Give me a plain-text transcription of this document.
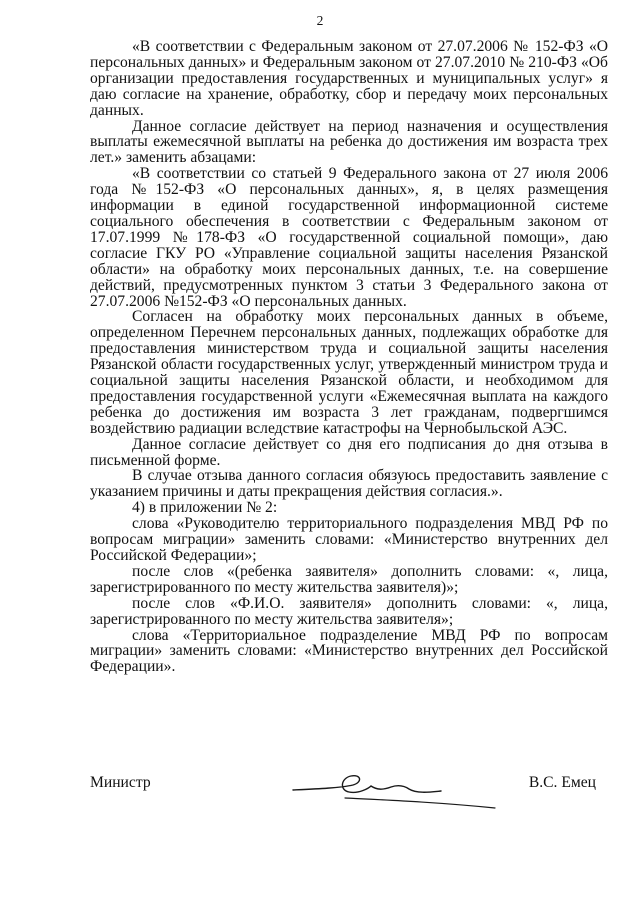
2

«В соответствии с Федеральным законом от 27.07.2006 № 152-ФЗ «О персональных данных» и Федеральным законом от 27.07.2010 № 210-ФЗ «Об организации предоставления государственных и муниципальных услуг» я даю согласие на хранение, обработку, сбор и передачу моих персональных данных.

Данное согласие действует на период назначения и осуществления выплаты ежемесячной выплаты на ребенка до достижения им возраста трех лет.» заменить абзацами:

«В соответствии со статьей 9 Федерального закона от 27 июля 2006 года №152-ФЗ «О персональных данных», я, в целях размещения информации в единой государственной информационной системе социального обеспечения в соответствии с Федеральным законом от 17.07.1999 №178-ФЗ «О государственной социальной помощи», даю согласие ГКУ РО «Управление социальной защиты населения Рязанской области» на обработку моих персональных данных, т.е. на совершение действий, предусмотренных пунктом 3 статьи 3 Федерального закона от 27.07.2006 №152-ФЗ «О персональных данных.

Согласен на обработку моих персональных данных в объеме, определенном Перечнем персональных данных, подлежащих обработке для предоставления министерством труда и социальной защиты населения Рязанской области государственных услуг, утвержденный министром труда и социальной защиты населения Рязанской области, и необходимом для предоставления государственной услуги «Ежемесячная выплата на каждого ребенка до достижения им возраста 3 лет гражданам, подвергшимся воздействию радиации вследствие катастрофы на Чернобыльской АЭС.

Данное согласие действует со дня его подписания до дня отзыва в письменной форме.

В случае отзыва данного согласия обязуюсь предоставить заявление с указанием причины и даты прекращения действия согласия.».

4) в приложении № 2:

слова «Руководителю территориального подразделения МВД РФ по вопросам миграции» заменить словами: «Министерство внутренних дел Российской Федерации»;

после слов «(ребенка заявителя» дополнить словами: «, лица, зарегистрированного по месту жительства заявителя)»;

после слов «Ф.И.О. заявителя» дополнить словами: «, лица, зарегистрированного по месту жительства заявителя»;

слова «Территориальное подразделение МВД РФ по вопросам миграции» заменить словами: «Министерство внутренних дел Российской Федерации».

Министр	В.С. Емец
